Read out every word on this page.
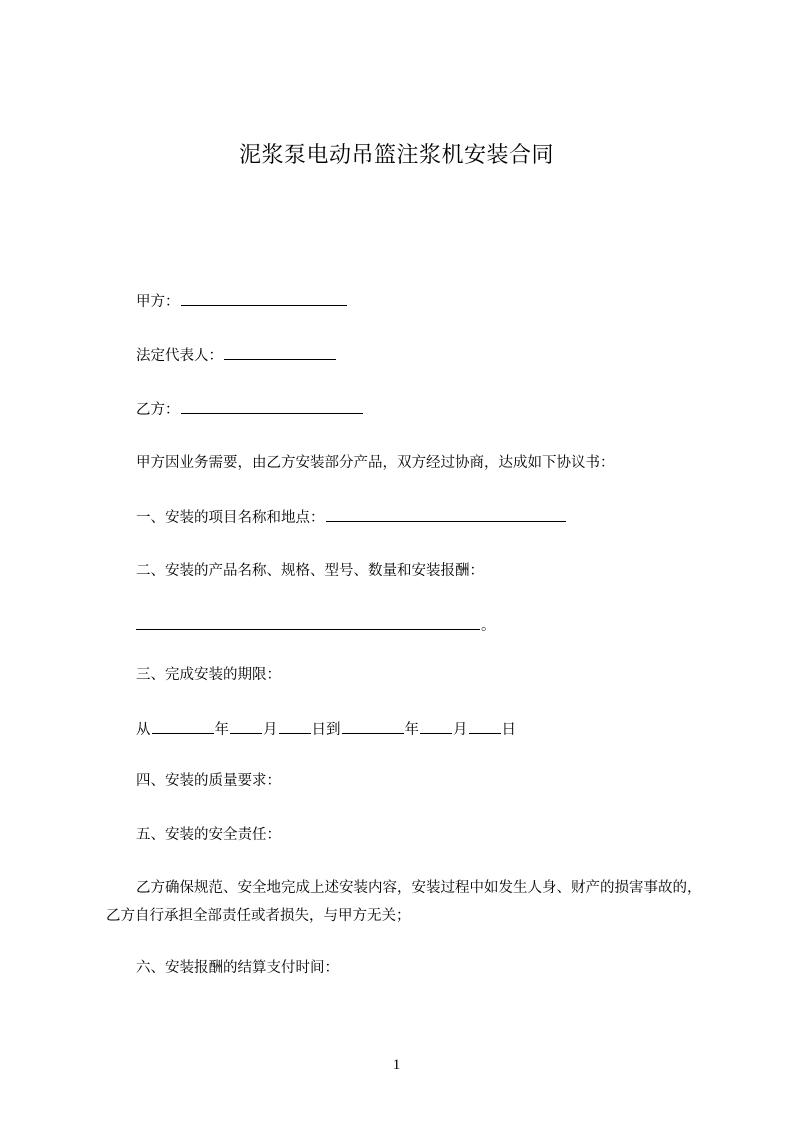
泥浆泵电动吊篮注浆机安装合同
甲方：
法定代表人：
乙方：
甲方因业务需要，由乙方安装部分产品，双方经过协商，达成如下协议书：
一、安装的项目名称和地点：
二、安装的产品名称、规格、型号、数量和安装报酬：
。
三、完成安装的期限：
从	年 月 日到	年 月 日
四、安装的质量要求：
五、安装的安全责任：
乙方确保规范、安全地完成上述安装内容，安装过程中如发生人身、财产的损害事故的，乙方自行承担全部责任或者损失，与甲方无关；
六、安装报酬的结算支付时间：
1
